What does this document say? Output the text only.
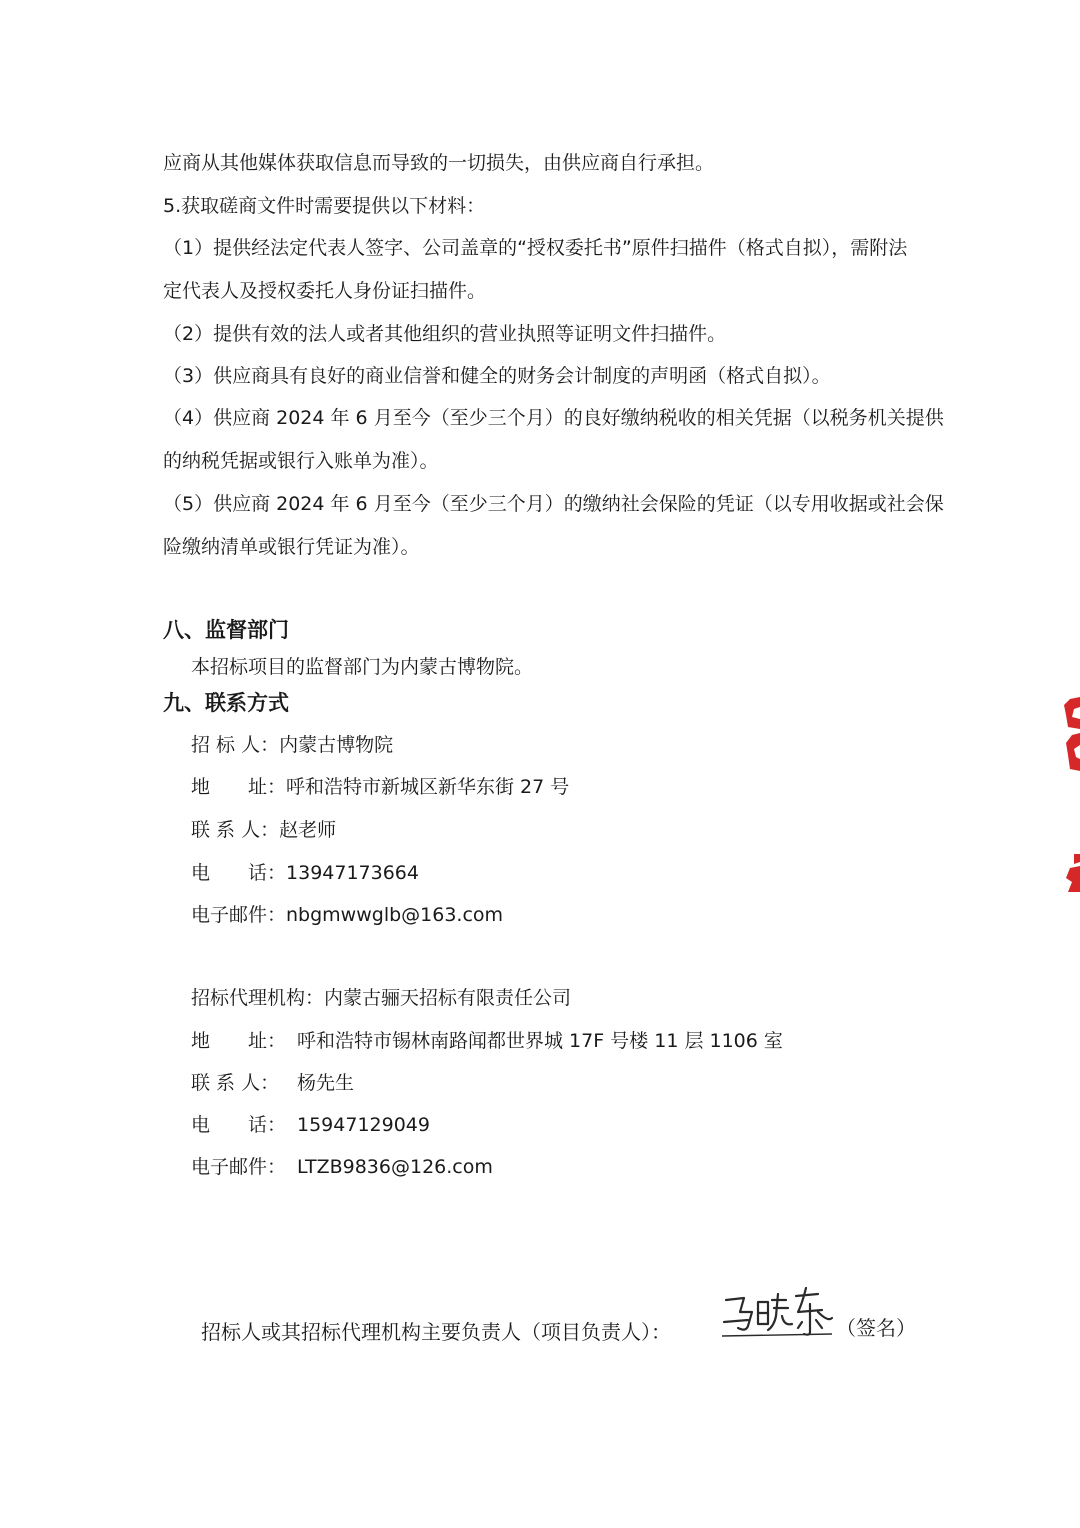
应商从其他媒体获取信息而导致的一切损失，由供应商自行承担。
5.获取磋商文件时需要提供以下材料：
（1）提供经法定代表人签字、公司盖章的“授权委托书”原件扫描件（格式自拟），需附法
定代表人及授权委托人身份证扫描件。
（2）提供有效的法人或者其他组织的营业执照等证明文件扫描件。
（3）供应商具有良好的商业信誉和健全的财务会计制度的声明函（格式自拟）。
（4）供应商 2024 年 6 月至今（至少三个月）的良好缴纳税收的相关凭据（以税务机关提供
的纳税凭据或银行入账单为准）。
（5）供应商 2024 年 6 月至今（至少三个月）的缴纳社会保险的凭证（以专用收据或社会保
险缴纳清单或银行凭证为准）。
八、监督部门
本招标项目的监督部门为内蒙古博物院。
九、联系方式
招 标 人：内蒙古博物院
地　　址：呼和浩特市新城区新华东街 27 号
联 系 人：赵老师
电　　话：13947173664
电子邮件：nbgmwwglb@163.com
招标代理机构：内蒙古骊天招标有限责任公司
地　　址： 呼和浩特市锡林南路闻都世界城 17F 号楼 11 层 1106 室
联 系 人： 杨先生
电　　话： 15947129049
电子邮件： LTZB9836@126.com
招标人或其招标代理机构主要负责人（项目负责人）：	（签名）
